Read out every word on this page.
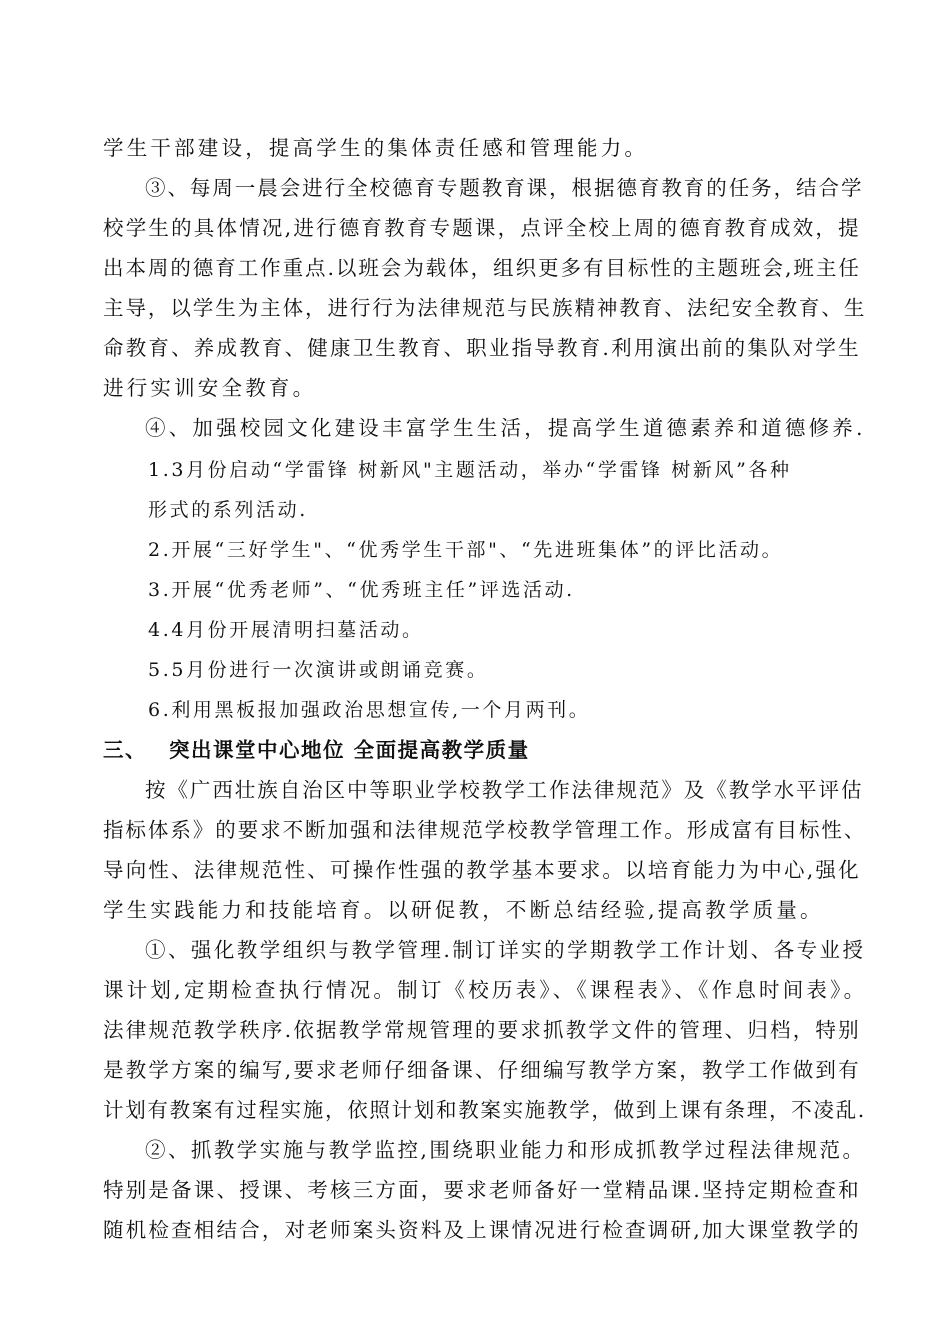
学生干部建设，提高学生的集体责任感和管理能力。
③、每周一晨会进行全校德育专题教育课，根据德育教育的任务，结合学
校学生的具体情况,进行德育教育专题课，点评全校上周的德育教育成效，提
出本周的德育工作重点.以班会为载体，组织更多有目标性的主题班会,班主任
主导，以学生为主体，进行行为法律规范与民族精神教育、法纪安全教育、生
命教育、养成教育、健康卫生教育、职业指导教育.利用演出前的集队对学生
进行实训安全教育。
④、加强校园文化建设丰富学生生活，提高学生道德素养和道德修养.
1.3月份启动“学雷锋 树新风"主题活动，举办“学雷锋 树新风”各种
形式的系列活动.
2.开展“三好学生"、“优秀学生干部"、“先进班集体”的评比活动。
3.开展“优秀老师”、“优秀班主任”评选活动.
4.4月份开展清明扫墓活动。
5.5月份进行一次演讲或朗诵竞赛。
6.利用黑板报加强政治思想宣传,一个月两刊。
三、 突出课堂中心地位 全面提高教学质量
按《广西壮族自治区中等职业学校教学工作法律规范》及《教学水平评估
指标体系》的要求不断加强和法律规范学校教学管理工作。形成富有目标性、
导向性、法律规范性、可操作性强的教学基本要求。以培育能力为中心,强化
学生实践能力和技能培育。以研促教，不断总结经验,提高教学质量。
①、强化教学组织与教学管理.制订详实的学期教学工作计划、各专业授
课计划,定期检查执行情况。制订《校历表》、《课程表》、《作息时间表》。
法律规范教学秩序.依据教学常规管理的要求抓教学文件的管理、归档，特别
是教学方案的编写,要求老师仔细备课、仔细编写教学方案，教学工作做到有
计划有教案有过程实施，依照计划和教案实施教学，做到上课有条理，不凌乱.
②、抓教学实施与教学监控,围绕职业能力和形成抓教学过程法律规范。
特别是备课、授课、考核三方面，要求老师备好一堂精品课.坚持定期检查和
随机检查相结合，对老师案头资料及上课情况进行检查调研,加大课堂教学的
